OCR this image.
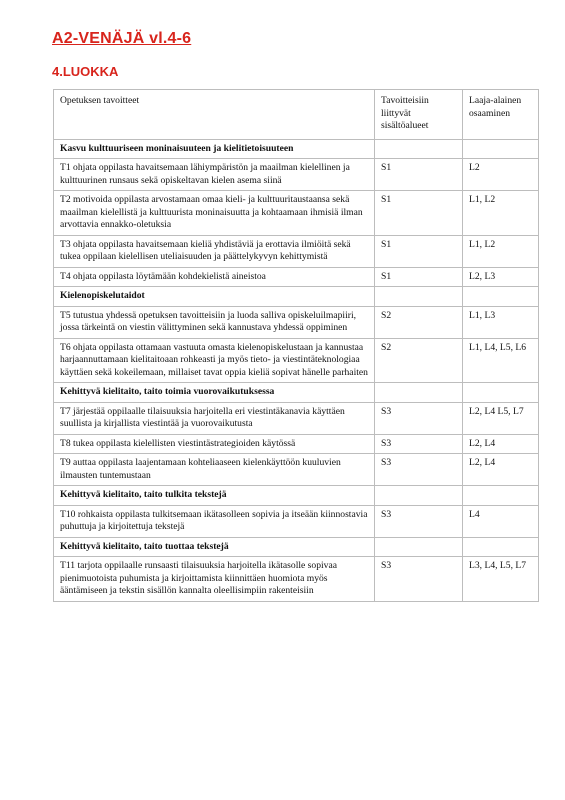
A2-VENÄJÄ vl.4-6
4.LUOKKA
Opetuksen tavoitteet	Tavoitteisiin liittyvät sisältöalueet	Laaja-alainen osaaminen
Kasvu kulttuuriseen moninaisuuteen ja kielitietoisuuteen		
T1 ohjata oppilasta havaitsemaan lähiympäristön ja maailman kielellinen ja kulttuurinen runsaus sekä opiskeltavan kielen asema siinä	S1	L2
T2 motivoida oppilasta arvostamaan omaa kieli- ja kulttuuritaustaansa sekä maailman kielellistä ja kulttuurista moninaisuutta ja kohtaamaan ihmisiä ilman arvottavia ennakko-oletuksia	S1	L1, L2
T3 ohjata oppilasta havaitsemaan kieliä yhdistäviä ja erottavia ilmiöitä sekä tukea oppilaan kielellisen uteliaisuuden ja päättelykyvyn kehittymistä	S1	L1, L2
T4 ohjata oppilasta löytämään kohdekielistä aineistoa	S1	L2, L3
Kielenopiskelutaidot		
T5 tutustua yhdessä opetuksen tavoitteisiin ja luoda salliva opiskeluilmapiiri, jossa tärkeintä on viestin välittyminen sekä kannustava yhdessä oppiminen	S2	L1, L3
T6 ohjata oppilasta ottamaan vastuuta omasta kielenopiskelustaan ja kannustaa harjaannuttamaan kielitaitoaan rohkeasti ja myös tieto- ja viestintäteknologiaa käyttäen sekä kokeilemaan, millaiset tavat oppia kieliä sopivat hänelle parhaiten	S2	L1, L4, L5, L6
Kehittyvä kielitaito, taito toimia vuorovaikutuksessa		
T7 järjestää oppilaalle tilaisuuksia harjoitella eri viestintäkanavia käyttäen suullista ja kirjallista viestintää ja vuorovaikutusta	S3	L2, L4 L5, L7
T8 tukea oppilasta kielellisten viestintästrategioiden käytössä	S3	L2, L4
T9 auttaa oppilasta laajentamaan kohteliaaseen kielenkäyttöön kuuluvien ilmausten tuntemustaan	S3	L2, L4
Kehittyvä kielitaito, taito tulkita tekstejä		
T10 rohkaista oppilasta tulkitsemaan ikätasolleen sopivia ja itseään kiinnostavia puhuttuja ja kirjoitettuja tekstejä	S3	L4
Kehittyvä kielitaito, taito tuottaa tekstejä		
T11 tarjota oppilaalle runsaasti tilaisuuksia harjoitella ikätasolle sopivaa pienimuotoista puhumista ja kirjoittamista kiinnittäen huomiota myös ääntämiseen ja tekstin sisällön kannalta oleellisimpiin rakenteisiin	S3	L3, L4, L5, L7
